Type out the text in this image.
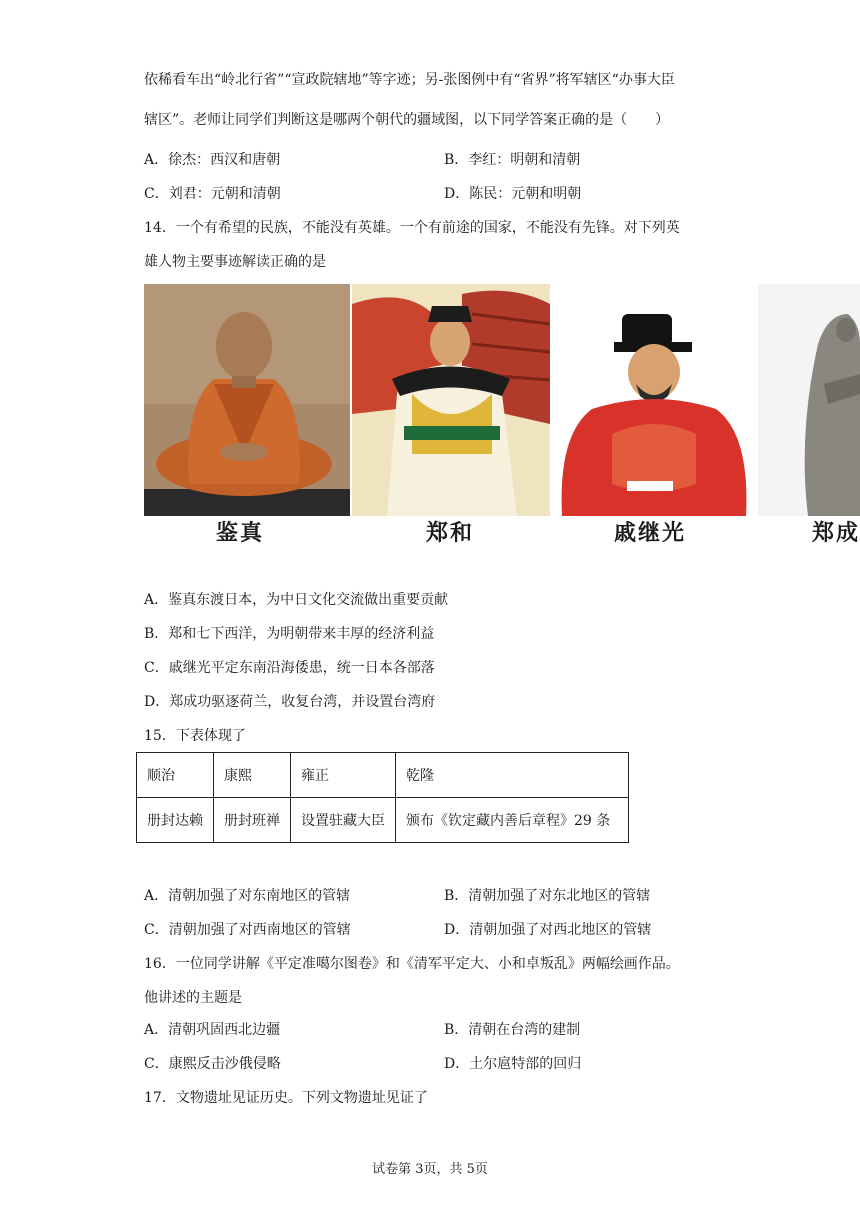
依稀看车出“岭北行省”“宣政院辖地”等字迹；另-张图例中有“省界”将军辖区“办事大臣
辖区”。老师让同学们判断这是哪两个朝代的疆域图，以下同学答案正确的是（　　）
A．徐杰：西汉和唐朝	B．李红：明朝和清朝
C．刘君：元朝和清朝	D．陈民：元朝和明朝
14．一个有希望的民族，不能没有英雄。一个有前途的国家，不能没有先锋。对下列英
雄人物主要事迹解读正确的是
鉴真	郑和	戚继光	郑成
A．鉴真东渡日本，为中日文化交流做出重要贡献
B．郑和七下西洋，为明朝带来丰厚的经济利益
C．戚继光平定东南沿海倭患，统一日本各部落
D．郑成功驱逐荷兰，收复台湾，并设置台湾府
15．下表体现了
顺治	康熙	雍正	乾隆
册封达赖	册封班禅	设置驻藏大臣	颁布《钦定藏内善后章程》29 条
A．清朝加强了对东南地区的管辖	B．清朝加强了对东北地区的管辖
C．清朝加强了对西南地区的管辖	D．清朝加强了对西北地区的管辖
16．一位同学讲解《平定准噶尔图卷》和《清军平定大、小和卓叛乱》两幅绘画作品。
他讲述的主题是
A．清朝巩固西北边疆	B．清朝在台湾的建制
C．康熙反击沙俄侵略	D．土尔扈特部的回归
17．文物遗址见证历史。下列文物遗址见证了
试卷第 3页，共 5页
